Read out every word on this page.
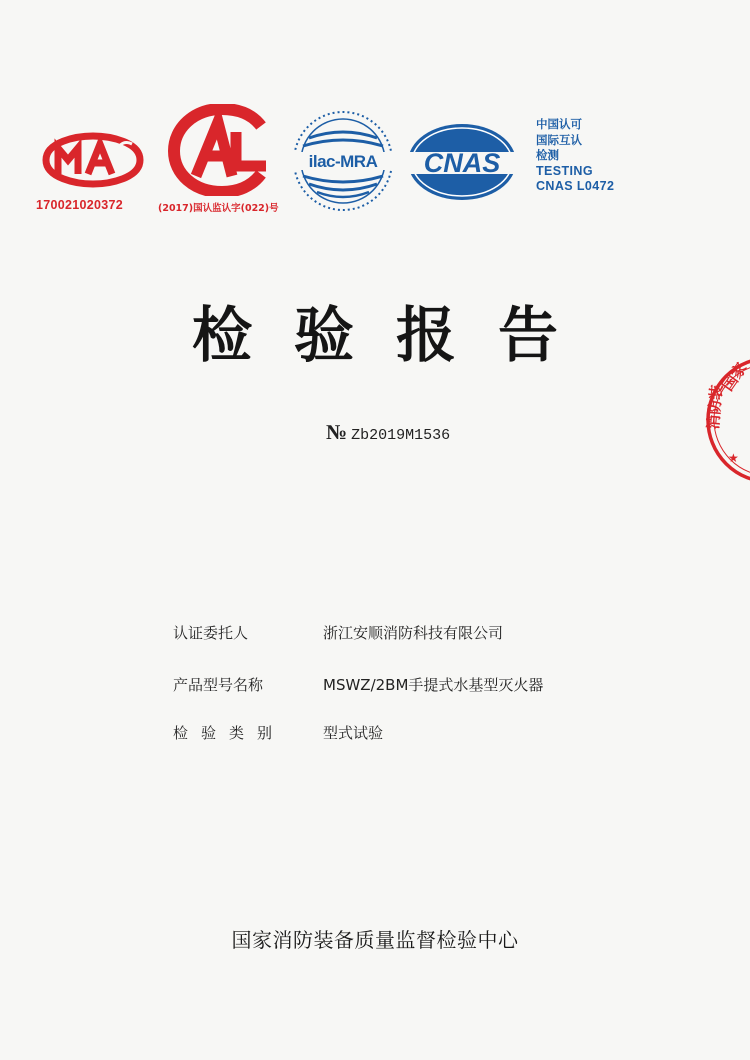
170021020372	(2017)国认监认字(022)号
ilac-MRA CNAS
中国认可
国际互认
检测
TESTING
CNAS L0472
检验报告
№ Zb2019M1536
认证委托人	浙江安顺消防科技有限公司
产品型号名称	MSWZ/2BM手提式水基型灭火器
检验类别	型式试验
国家消防装备质量监督检验中心
国家
消防装
★
